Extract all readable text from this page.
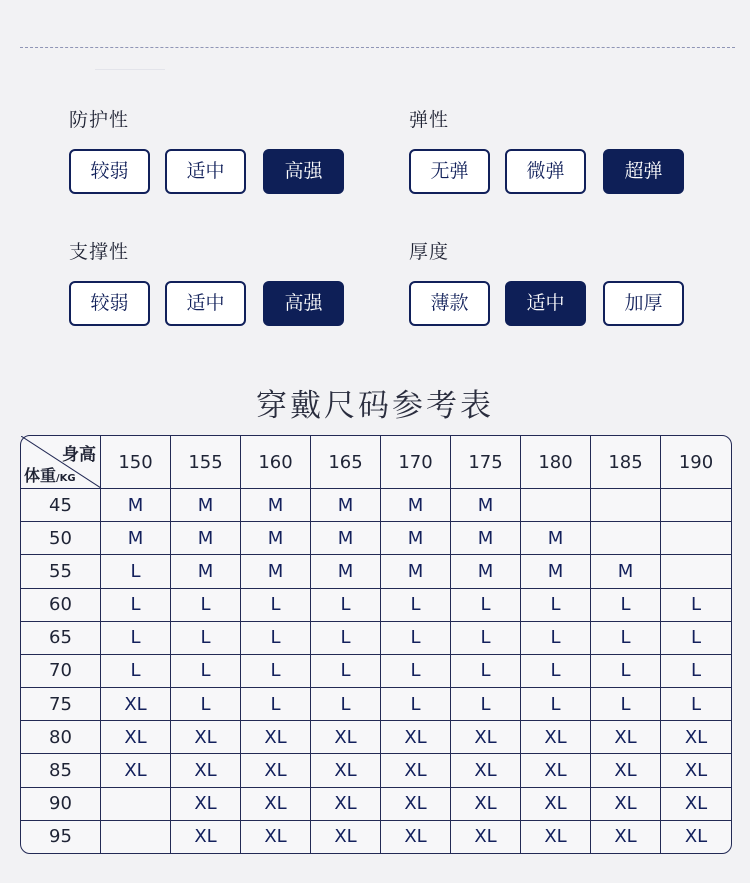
防护性
较弱	适中	高强
弹性
无弹	微弹	超弹
支撑性
较弱	适中	高强
厚度
薄款	适中	加厚
穿戴尺码参考表
身高
体重/KG	150	155	160	165	170	175	180	185	190
45	M	M	M	M	M	M			
50	M	M	M	M	M	M	M		
55	L	M	M	M	M	M	M	M	
60	L	L	L	L	L	L	L	L	L
65	L	L	L	L	L	L	L	L	L
70	L	L	L	L	L	L	L	L	L
75	XL	L	L	L	L	L	L	L	L
80	XL	XL	XL	XL	XL	XL	XL	XL	XL
85	XL	XL	XL	XL	XL	XL	XL	XL	XL
90		XL	XL	XL	XL	XL	XL	XL	XL
95		XL	XL	XL	XL	XL	XL	XL	XL
